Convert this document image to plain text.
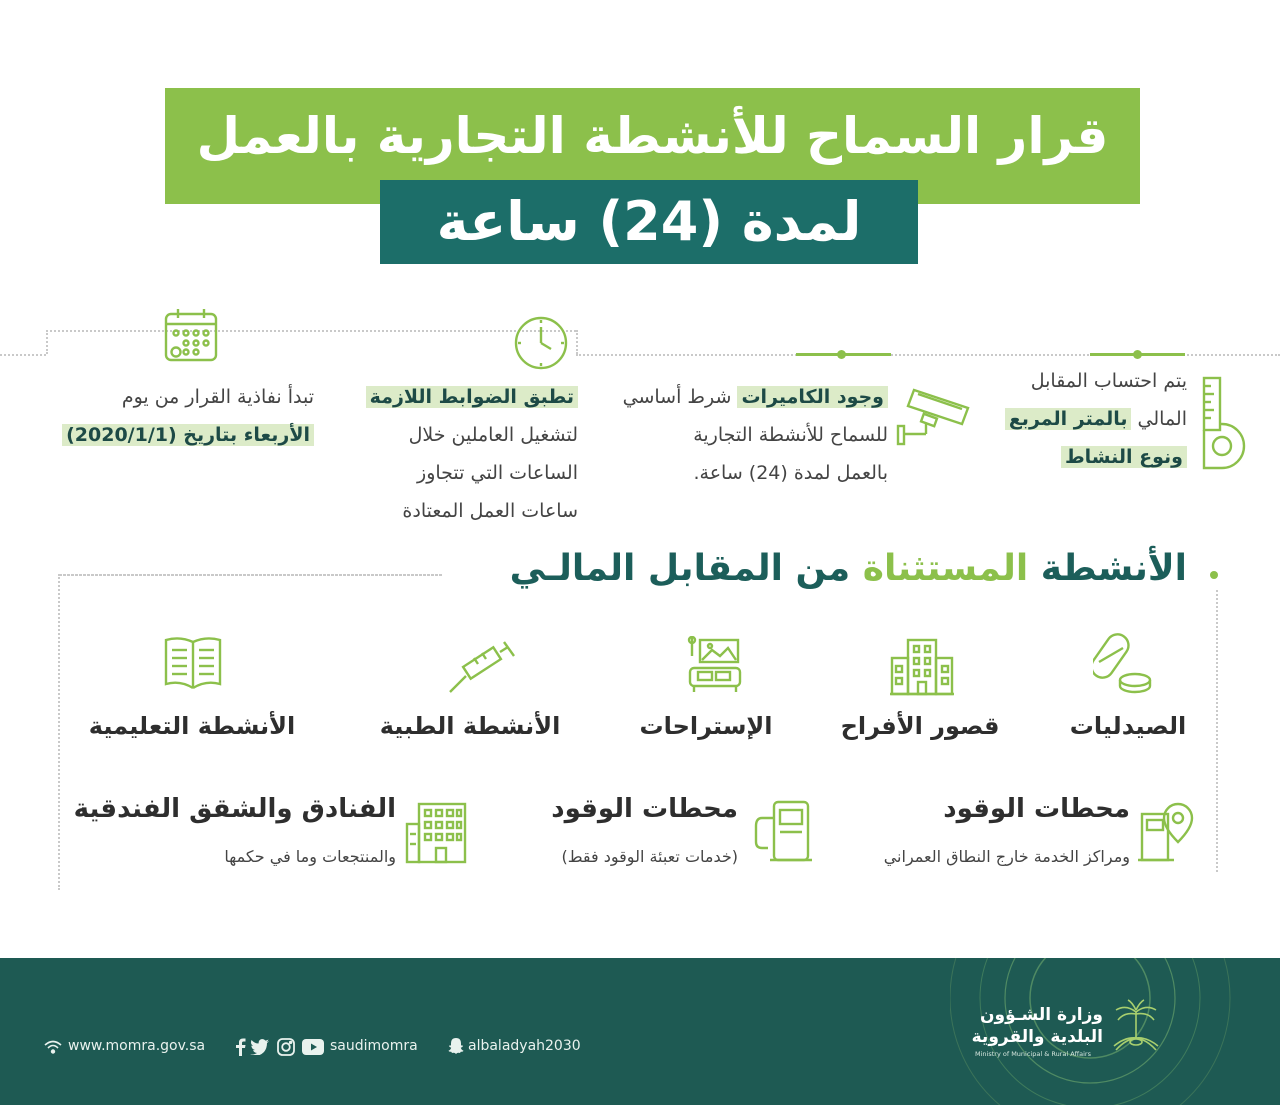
قرار السماح للأنشطة التجارية بالعمل
لمدة (24) ساعة
تبدأ نفاذية القرار من يوم
الأربعاء بتاريخ (2020/1/1)
تطبق الضوابط اللازمة
لتشغيل العاملين خلال
الساعات التي تتجاوز
ساعات العمل المعتادة
وجود الكاميرات شرط أساسي
للسماح للأنشطة التجارية
بالعمل لمدة (24) ساعة.
يتم احتساب المقابل
المالي بالمتر المربع
ونوع النشاط
الأنشطة المستثناة من المقابل المالـي
الصيدليات
قصور الأفراح
الإستراحات
الأنشطة الطبية
الأنشطة التعليمية
محطات الوقود
ومراكز الخدمة خارج النطاق العمراني
محطات الوقود
(خدمات تعبئة الوقود فقط)
الفنادق والشقق الفندقية
والمنتجعات وما في حكمها
www.momra.gov.sa	saudimomra	albaladyah2030
وزارة الشـؤون
البلدية والقروية
Ministry of Municipal & Rural Affairs
